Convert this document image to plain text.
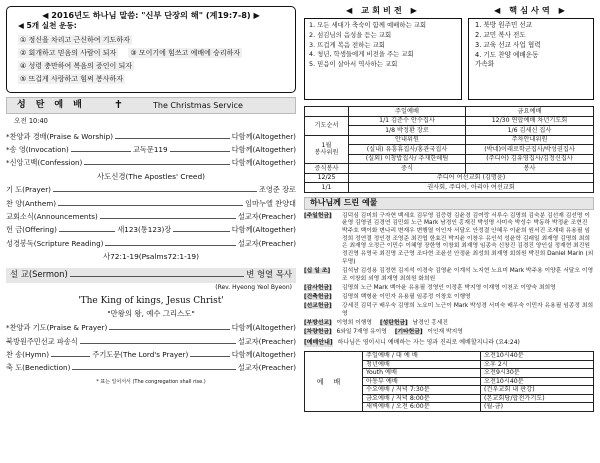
◀ 2016년도 하나님 말씀: "신부 단장의 해" (계19:7-8) ▶
◀ 5개 실천 운동:
① 정신을 차리고 근신하여 기도하자
② 회개하고 믿음의 사람이 되자 ③ 모이기에 힘쓰고 예배에 승리하자
④ 성령 충만하여 복음의 증인이 되자
⑤ 뜨겁게 사랑하고 힘써 봉사하자
성탄예배 ✝	The Christmas Service
오전 10:40
*찬양과 경배(Praise & Worship)	다함께(Altogether)
*송 영(Invocation)	교독문119	다함께(Altogether)
*신앙고백(Confession)	다함께(Altogether)
사도신경(The Apostles' Creed)
기 도(Prayer)	조영준 장로
찬 양(Anthem)	임마누엘 찬양대
교회소식(Announcements)	설교자(Preacher)
헌 금(Offering)	새123(통123)장	다함께(Altogether)
성경봉독(Scripture Reading)	설교자(Preacher)
사72:1-19(Psalms72:1-19)
설 교(Sermon)	변 형열 목사
(Rev. Hyeong Yeol Byeon)
'The King of kings, Jesus Christ'
"만왕의 왕, 예수 그리스도"
*찬양과 기도(Praise & Prayer)	다함께(Altogether)
북방원주민선교 파송식	설교자(Preacher)
찬 송(Hymn)	주기도문(The Lord's Prayer)	다함께(Altogether)
축 도(Benediction)	설교자(Preacher)
* 표는 일어서서 (The congregation shall rise.)
◀ 교회비전 ▶
1. 모든 세대가 축숙이 함께 예배하는 교회
2. 섬김님의 음성을 듣는 교회
3. 뜨겁게 복음 전하는 교회
4. 청년, 학생들에게 비전을 주는 교회
5. 믿음이 살아서 역사하는 교회
◀ 핵심사역 ▶
1. 북방 원주민 선교
2. 교민 복사 전도
3. 교육 선교 사업 협력
4. 기도 찬양 예배운동
가속화
	주일예배	금요예배
기도순서	1/1 김준수 안수집사	12/30 연합예배 차년기도회
	1/8 박정환 장로	1/6 김세신 집사
1월
봉사위원	안내위원	주차안내위원
	(실내) 유흥휴집사/홍관국집사	(박네)이래로학군집사/박성권집사
	(실외) 이창밥집사/ 추재한해팀	(주디어) 김유영집사/김정신집사
증식봉사	중식	봉사
12/25	주디어 여선교회 (김명윤)	
1/1	권사회, 주디어, 아리아 여선교회	
하나님께 드린 예물
[주일헌금]	김덕심 김미희 구자현 백세호 김무영 김증령 김윤경 김여랑 서루수 김명희 김숙분 김선재 김선명 이윤영 김영권 김경연 김민회 노근 Mark 남경인 홍재진 박성명 사미숙 박성수 박동하 박정윤 조현진 박주호 백이화 변나리 변재우 변행열 이인자 서달오 안정결 안혜우 이윤희 원서진 조재대 유용필 임정희 정연결 정인경 조영준 최진엽 한효진 박지윤 이창우 유인석 성윤학 김래일 최재영 김명희 최희은 최재영 오정근 이민수 이혜영 장한영 이창회 최재영 임종숙 신창진 김경진 양인실 정재현 최진원 정진영 유영국 최진명 조근영 조다현 조윤선 안정윤 최성희 최재영 회희원 박진희 Daniel Marin (외 무명)
[십 일 조]	김석남 김성용 김정현 김지석 이경숙 김영윤 이계석 노지현 노요미 Mark 박주용 이양훈 서달오 이영조 이창회 외영 최재영 최희원 화희원
[감사헌금]	김명희 노근 Mark 백아윤 유용필 정영인 이정훈 박지영 이재영 이천조 이양숙 최희영
[건축헌금]	김명희 백형윤 이민자 유용필 임종정 이창호 이행영
[선교헌금]	강세진 김덕구 배우숙 김명희 노요미 노근이 Mark 박성경 서미숙 배우숙 이민자 유용필 임종정 최희영
[부방선교] 이영희 이행영 [성탄헌금] 남경인 홍세진
[차량헌금] 6와일 7재영 유이영 [기타헌금] 이인재 박지영
[예배안내] 하나님은 영이시니 예배하는 자는 영과 진리로 예배할지니라 (요4:24)
예배	주일예배 / 대 예 배	오전10시40분
	청년예배	오후 2시
	Youth 예배	오전9시30분
	아동부 예배	오전10시40분
	수요예배 / 저녁 7:30분	(건우교회 내 판강)
	금요예배 / 저녁 8:00분	(본교회당/합전가기도)
	새벽예배 / 오전 6:00분	(월-금)
